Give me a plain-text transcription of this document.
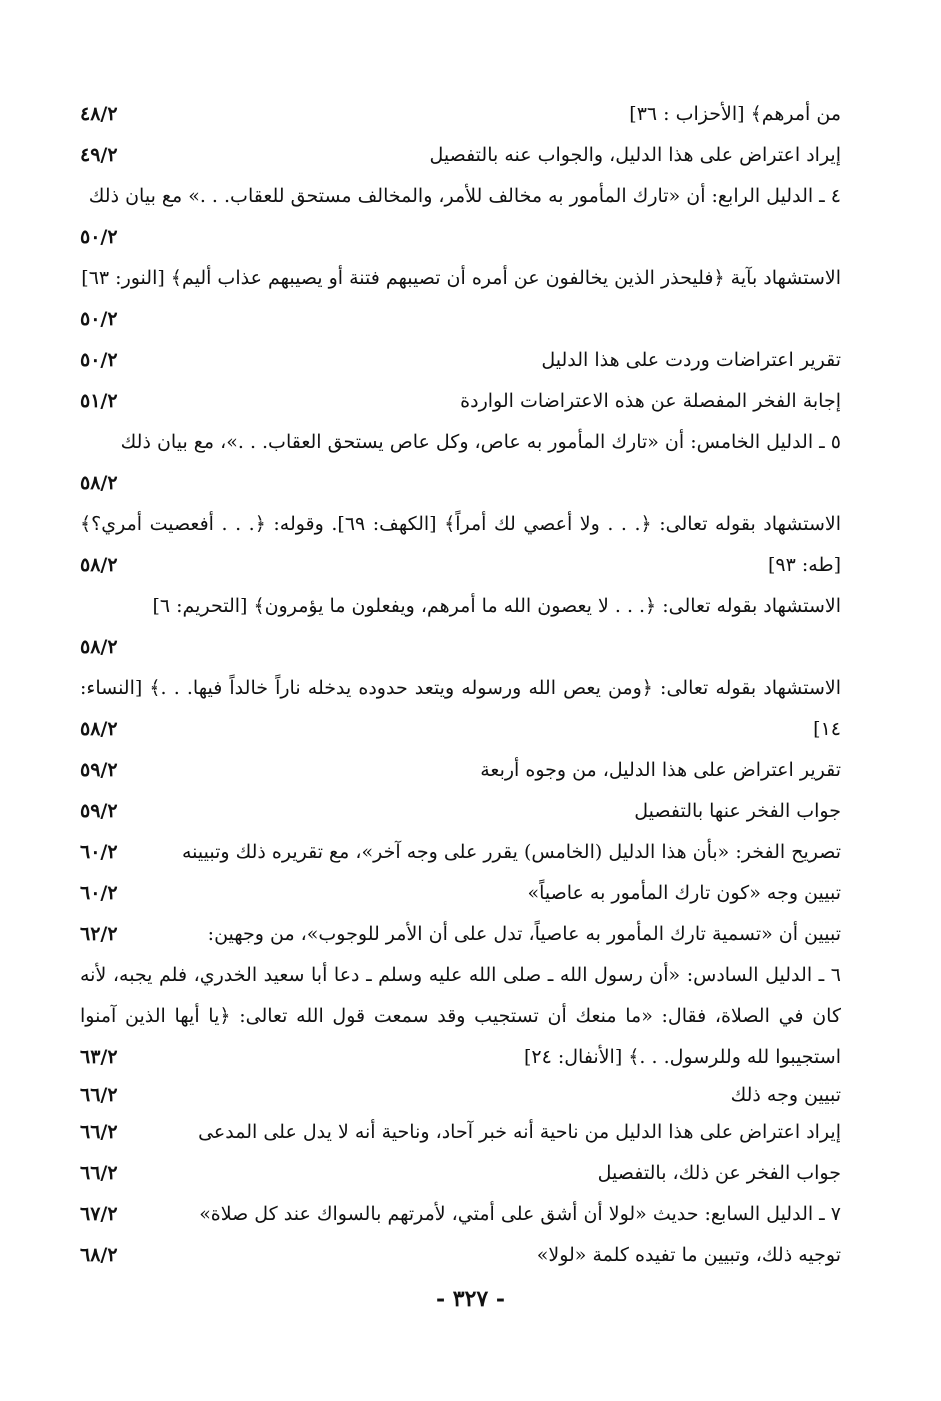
من أمرهم﴾ [الأحزاب : ٣٦]
٤٨/٢
إيراد اعتراض على هذا الدليل، والجواب عنه بالتفصيل
٤٩/٢
٤ ـ الدليل الرابع: أن «تارك المأمور به مخالف للأمر، والمخالف مستحق للعقاب. . .» مع بيان ذلك
٥٠/٢
الاستشهاد بآية ﴿فليحذر الذين يخالفون عن أمره أن تصيبهم فتنة أو يصيبهم عذاب أليم﴾ [النور: ٦٣]
٥٠/٢
تقرير اعتراضات وردت على هذا الدليل
٥٠/٢
إجابة الفخر المفصلة عن هذه الاعتراضات الواردة
٥١/٢
٥ ـ الدليل الخامس: أن «تارك المأمور به عاص، وكل عاص يستحق العقاب. . .»، مع بيان ذلك
٥٨/٢
الاستشهاد بقوله تعالى: ﴿. . . ولا أعصي لك أمراً﴾ [الكهف: ٦٩]. وقوله: ﴿. . . أفعصيت أمري؟﴾ [طه: ٩٣]
٥٨/٢
الاستشهاد بقوله تعالى: ﴿. . . لا يعصون الله ما أمرهم، ويفعلون ما يؤمرون﴾ [التحريم: ٦]
٥٨/٢
الاستشهاد بقوله تعالى: ﴿ومن يعص الله ورسوله ويتعد حدوده يدخله ناراً خالداً فيها. . .﴾ [النساء: ١٤]
٥٨/٢
تقرير اعتراض على هذا الدليل، من وجوه أربعة
٥٩/٢
جواب الفخر عنها بالتفصيل
٥٩/٢
تصريح الفخر: «بأن هذا الدليل (الخامس) يقرر على وجه آخر»، مع تقريره ذلك وتبيينه
٦٠/٢
تبيين وجه «كون تارك المأمور به عاصياً»
٦٠/٢
تبيين أن «تسمية تارك المأمور به عاصياً، تدل على أن الأمر للوجوب»، من وجهين:
٦٢/٢
٦ ـ الدليل السادس: «أن رسول الله ـ صلى الله عليه وسلم ـ دعا أبا سعيد الخدري، فلم يجبه، لأنه كان في الصلاة، فقال: «ما منعك أن تستجيب وقد سمعت قول الله تعالى: ﴿يا أيها الذين آمنوا استجيبوا لله وللرسول. . .﴾ [الأنفال: ٢٤]
٦٣/٢
تبيين وجه ذلك
٦٦/٢
إيراد اعتراض على هذا الدليل من ناحية أنه خبر آحاد، وناحية أنه لا يدل على المدعى
٦٦/٢
جواب الفخر عن ذلك، بالتفصيل
٦٦/٢
٧ ـ الدليل السابع: حديث «لولا أن أشق على أمتي، لأمرتهم بالسواك عند كل صلاة»
٦٧/٢
توجيه ذلك، وتبيين ما تفيده كلمة «لولا»
٦٨/٢
- ٣٢٧ -
